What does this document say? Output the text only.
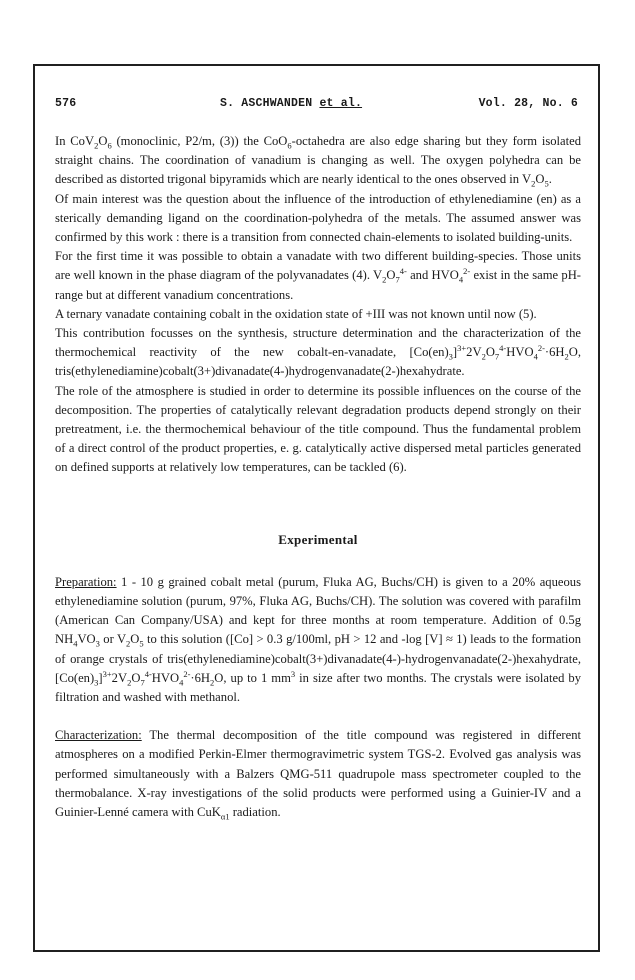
576	S. ASCHWANDEN et al.	Vol. 28, No. 6

In $CoV_2O_6$ (monoclinic, P2/m, (3)) the CoO$_6$-octahedra are also edge sharing but they form isolated straight chains. The coordination of vanadium is changing as well. The oxygen polyhedra can be described as distorted trigonal bipyramids which are nearly identical to the ones observed in $V_2O_5$.

Of main interest was the question about the influence of the introduction of ethylenediamine (en) as a sterically demanding ligand on the coordination-polyhedra of the metals. The assumed answer was confirmed by this work : there is a transition from connected chain-elements to isolated building-units.

For the first time it was possible to obtain a vanadate with two different building-species. Those units are well known in the phase diagram of the polyvanadates (4). $V_2O_7^{4-}$ and $HVO_4^{2-}$ exist in the same pH-range but at different vanadium concentrations.

A ternary vanadate containing cobalt in the oxidation state of +III was not known until now (5).

This contribution focusses on the synthesis, structure determination and the characterization of the thermochemical reactivity of the new cobalt-en-vanadate, $[Co(en)_3]^{3+}2V_2O_7^{4-}HVO_4^{2-}\cdot 6H_2O$, tris(ethylenediamine)cobalt(3+)divanadate(4-)hydrogenvanadate(2-)hexahydrate.

The role of the atmosphere is studied in order to determine its possible influences on the course of the decomposition. The properties of catalytically relevant degradation products depend strongly on their pretreatment, i.e. the thermochemical behaviour of the title compound. Thus the fundamental problem of a direct control of the product properties, e. g. catalytically active dispersed metal particles generated on defined supports at relatively low temperatures, can be tackled (6).

Experimental

Preparation: 1 - 10 g grained cobalt metal (purum, Fluka AG, Buchs/CH) is given to a 20% aqueous ethylenediamine solution (purum, 97%, Fluka AG, Buchs/CH). The solution was covered with parafilm (American Can Company/USA) and kept for three months at room temperature. Addition of 0.5g $NH_4VO_3$ or $V_2O_5$ to this solution ([Co] > 0.3 g/100ml, pH > 12 and -log [V] ≈ 1) leads to the formation of orange crystals of tris(ethylenediamine)cobalt(3+)divanadate(4-)-hydrogenvanadate(2-)hexahydrate, $[Co(en)_3]^{3+}2V_2O_7^{4-}HVO_4^{2-}\cdot 6H_2O$, up to 1 $mm^3$ in size after two months. The crystals were isolated by filtration and washed with methanol.

Characterization: The thermal decomposition of the title compound was registered in different atmospheres on a modified Perkin-Elmer thermogravimetric system TGS-2. Evolved gas analysis was performed simultaneously with a Balzers QMG-511 quadrupole mass spectrometer coupled to the thermobalance. X-ray investigations of the solid products were performed using a Guinier-IV and a Guinier-Lenné camera with CuK$_{\alpha 1}$ radiation.
